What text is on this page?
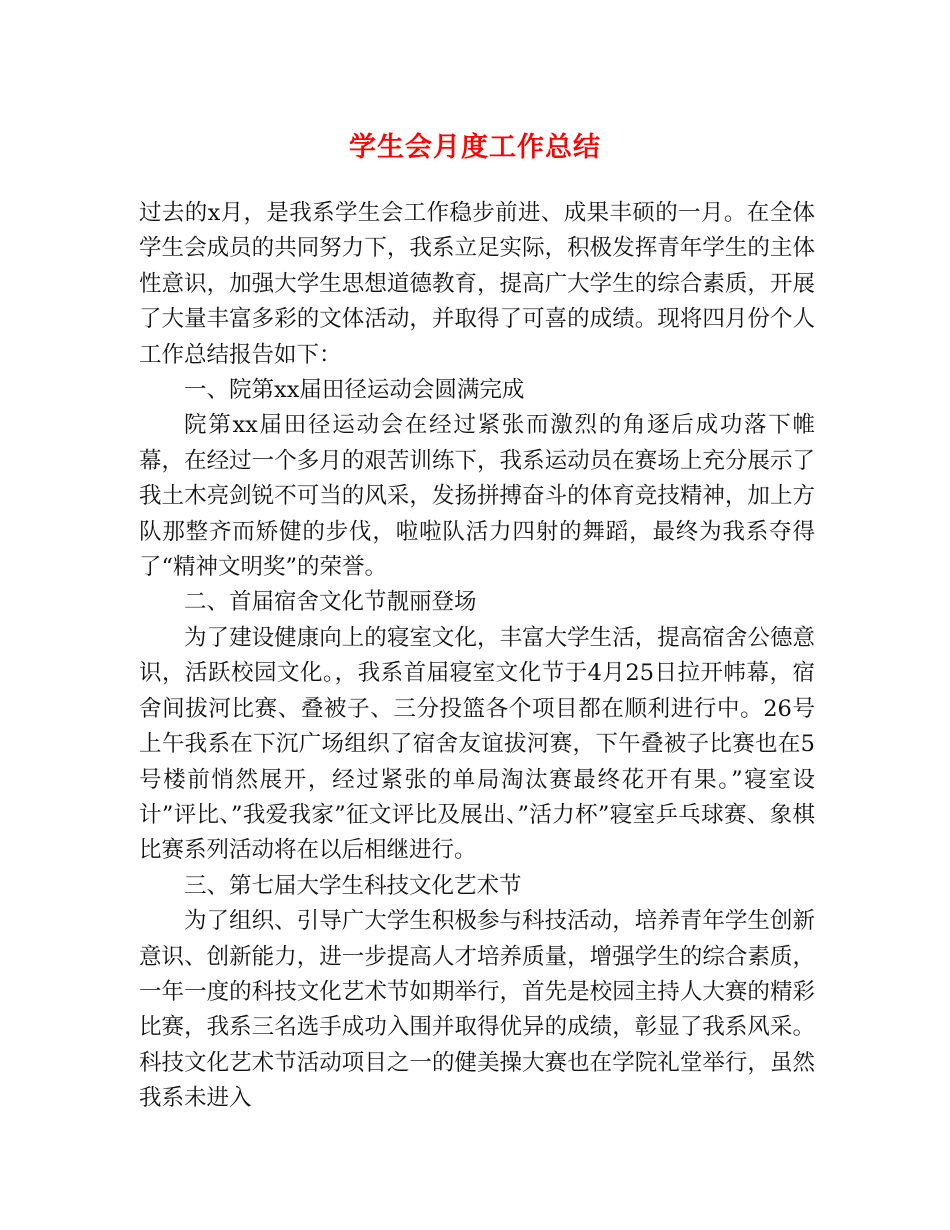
学生会月度工作总结

过去的x月，是我系学生会工作稳步前进、成果丰硕的一月。在全体学生会成员的共同努力下，我系立足实际，积极发挥青年学生的主体性意识，加强大学生思想道德教育，提高广大学生的综合素质，开展了大量丰富多彩的文体活动，并取得了可喜的成绩。现将四月份个人工作总结报告如下：

一、院第xx届田径运动会圆满完成

院第xx届田径运动会在经过紧张而激烈的角逐后成功落下帷幕，在经过一个多月的艰苦训练下，我系运动员在赛场上充分展示了我土木亮剑锐不可当的风采，发扬拼搏奋斗的体育竞技精神，加上方队那整齐而矫健的步伐，啦啦队活力四射的舞蹈，最终为我系夺得了“精神文明奖”的荣誉。

二、首届宿舍文化节靓丽登场

为了建设健康向上的寝室文化，丰富大学生活，提高宿舍公德意识，活跃校园文化。，我系首届寝室文化节于4月25日拉开帏幕，宿舍间拔河比赛、叠被子、三分投篮各个项目都在顺利进行中。26号上午我系在下沉广场组织了宿舍友谊拔河赛，下午叠被子比赛也在5号楼前悄然展开，经过紧张的单局淘汰赛最终花开有果。”寝室设计”评比、”我爱我家”征文评比及展出、”活力杯”寝室乒乓球赛、象棋比赛系列活动将在以后相继进行。

三、第七届大学生科技文化艺术节

为了组织、引导广大学生积极参与科技活动，培养青年学生创新意识、创新能力，进一步提高人才培养质量，增强学生的综合素质，一年一度的科技文化艺术节如期举行，首先是校园主持人大赛的精彩比赛，我系三名选手成功入围并取得优异的成绩，彰显了我系风采。科技文化艺术节活动项目之一的健美操大赛也在学院礼堂举行，虽然我系未进入
